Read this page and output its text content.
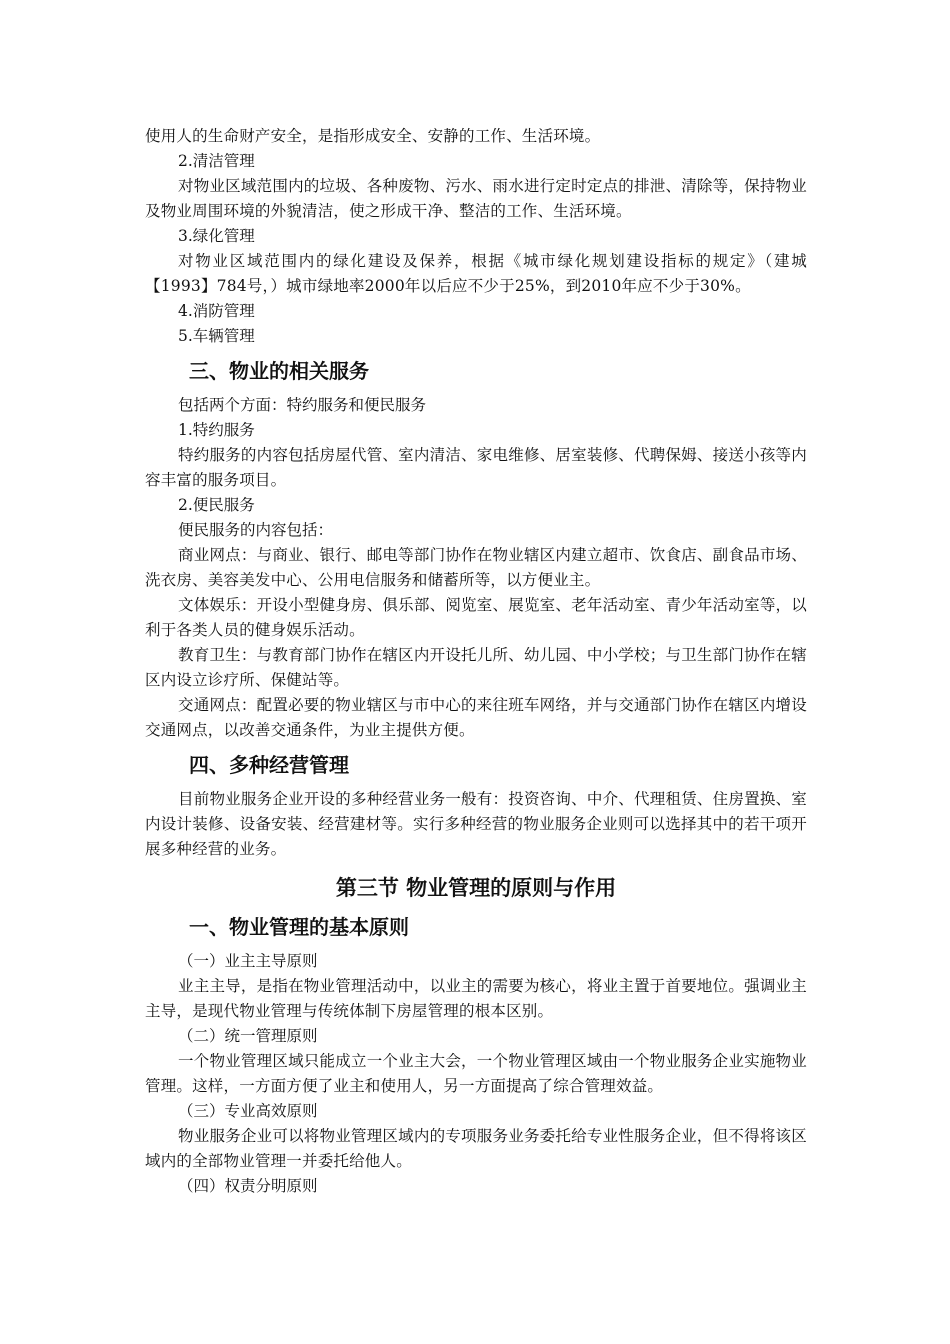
使用人的生命财产安全，是指形成安全、安静的工作、生活环境。

2.清洁管理

对物业区域范围内的垃圾、各种废物、污水、雨水进行定时定点的排泄、清除等，保持物业及物业周围环境的外貌清洁，使之形成干净、整洁的工作、生活环境。

3.绿化管理

对物业区域范围内的绿化建设及保养，根据《城市绿化规划建设指标的规定》（建城【1993】784号，）城市绿地率2000年以后应不少于25%，到2010年应不少于30%。

4.消防管理

5.车辆管理

三、物业的相关服务

包括两个方面：特约服务和便民服务

1.特约服务

特约服务的内容包括房屋代管、室内清洁、家电维修、居室装修、代聘保姆、接送小孩等内容丰富的服务项目。

2.便民服务

便民服务的内容包括：

商业网点：与商业、银行、邮电等部门协作在物业辖区内建立超市、饮食店、副食品市场、洗衣房、美容美发中心、公用电信服务和储蓄所等，以方便业主。

文体娱乐：开设小型健身房、俱乐部、阅览室、展览室、老年活动室、青少年活动室等，以利于各类人员的健身娱乐活动。

教育卫生：与教育部门协作在辖区内开设托儿所、幼儿园、中小学校；与卫生部门协作在辖区内设立诊疗所、保健站等。

交通网点：配置必要的物业辖区与市中心的来往班车网络，并与交通部门协作在辖区内增设交通网点，以改善交通条件，为业主提供方便。

四、多种经营管理

目前物业服务企业开设的多种经营业务一般有：投资咨询、中介、代理租赁、住房置换、室内设计装修、设备安装、经营建材等。实行多种经营的物业服务企业则可以选择其中的若干项开展多种经营的业务。

第三节 物业管理的原则与作用
一、物业管理的基本原则

（一）业主主导原则

业主主导，是指在物业管理活动中，以业主的需要为核心，将业主置于首要地位。强调业主主导，是现代物业管理与传统体制下房屋管理的根本区别。

（二）统一管理原则

一个物业管理区域只能成立一个业主大会，一个物业管理区域由一个物业服务企业实施物业管理。这样，一方面方便了业主和使用人，另一方面提高了综合管理效益。

（三）专业高效原则

物业服务企业可以将物业管理区域内的专项服务业务委托给专业性服务企业，但不得将该区域内的全部物业管理一并委托给他人。

（四）权责分明原则
